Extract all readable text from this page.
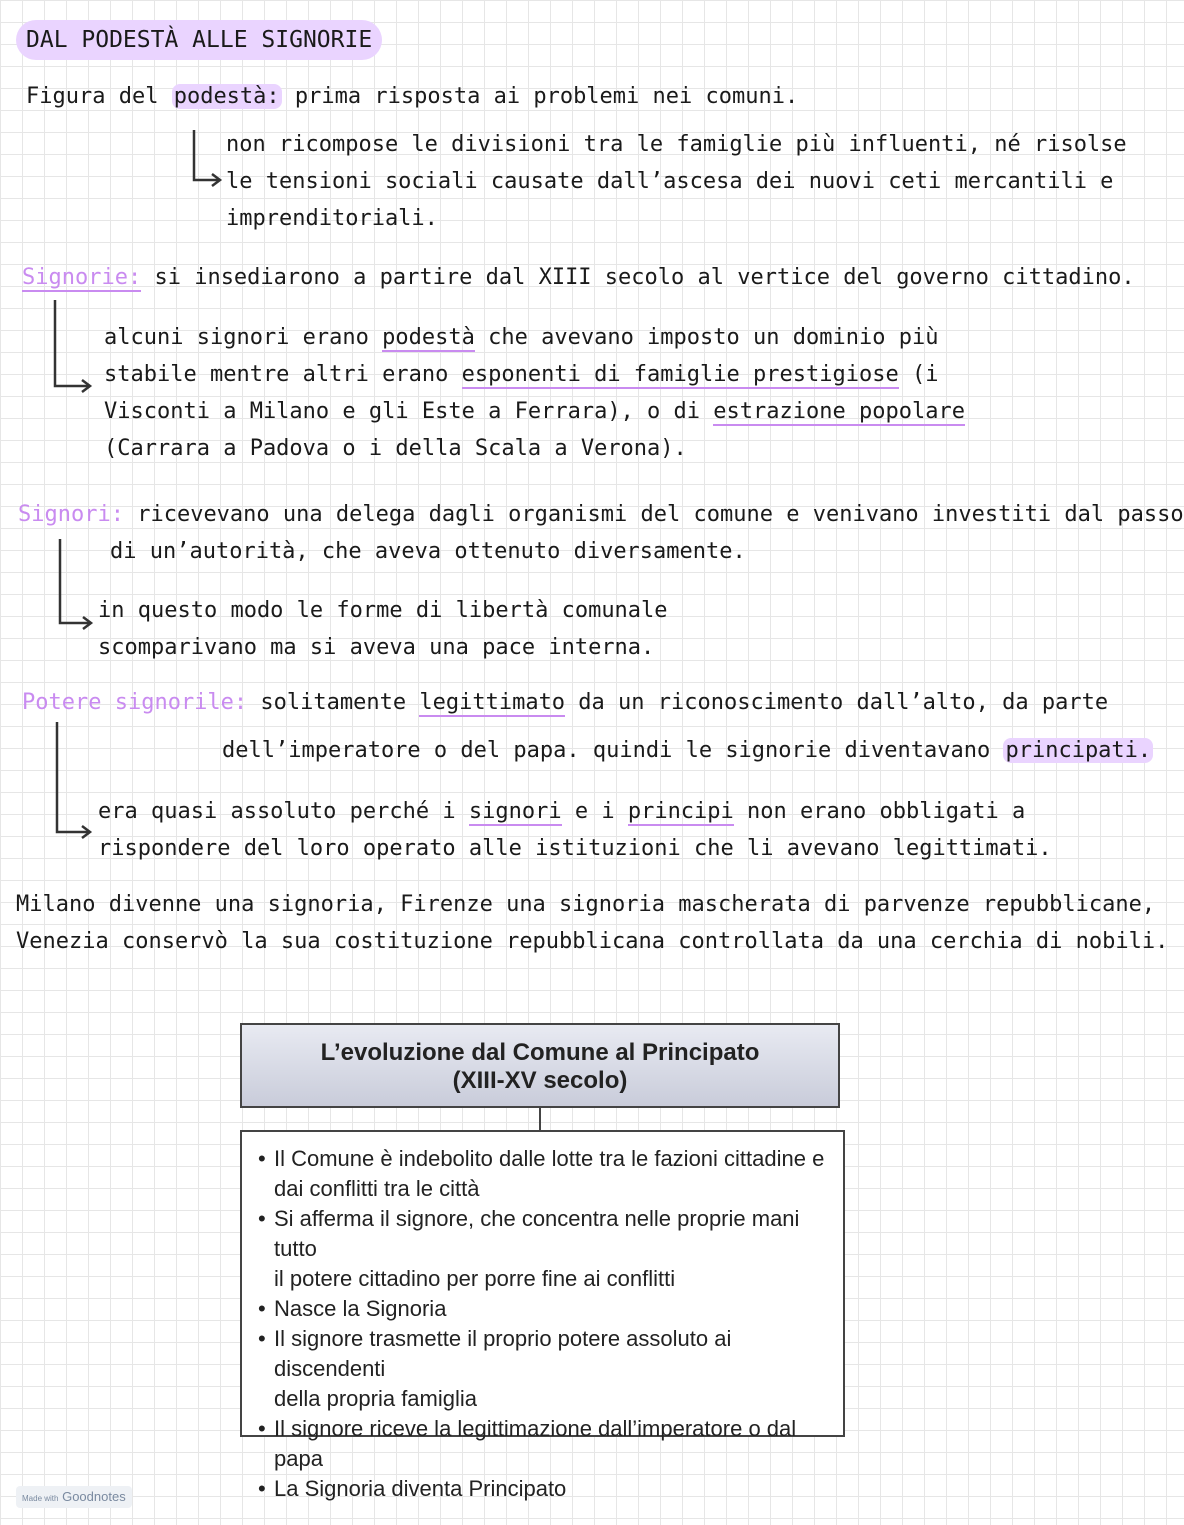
DAL PODESTÀ ALLE SIGNORIE
Figura del podestà: prima risposta ai problemi nei comuni.
non ricompose le divisioni tra le famiglie più influenti, né risolse
le tensioni sociali causate dall’ascesa dei nuovi ceti mercantili e
imprenditoriali.
Signorie: si insediarono a partire dal XIII secolo al vertice del governo cittadino.
alcuni signori erano podestà che avevano imposto un dominio più
stabile mentre altri erano esponenti di famiglie prestigiose (i
Visconti a Milano e gli Este a Ferrara), o di estrazione popolare
(Carrara a Padova o i della Scala a Verona).
Signori: ricevevano una delega dagli organismi del comune e venivano investiti dal passo
di un’autorità, che aveva ottenuto diversamente.
in questo modo le forme di libertà comunale
scomparivano ma si aveva una pace interna.
Potere signorile: solitamente legittimato da un riconoscimento dall’alto, da parte
dell’imperatore o del papa. quindi le signorie diventavano principati.
era quasi assoluto perché i signori e i principi non erano obbligati a
rispondere del loro operato alle istituzioni che li avevano legittimati.
Milano divenne una signoria, Firenze una signoria mascherata di parvenze repubblicane,
Venezia conservò la sua costituzione repubblicana controllata da una cerchia di nobili.
L’evoluzione dal Comune al Principato
(XIII-XV secolo)
• Il Comune è indebolito dalle lotte tra le fazioni cittadine e
dai conflitti tra le città
• Si afferma il signore, che concentra nelle proprie mani tutto
il potere cittadino per porre fine ai conflitti
• Nasce la Signoria
• Il signore trasmette il proprio potere assoluto ai discendenti
della propria famiglia
• Il signore riceve la legittimazione dall’imperatore o dal papa
• La Signoria diventa Principato
Made with Goodnotes
